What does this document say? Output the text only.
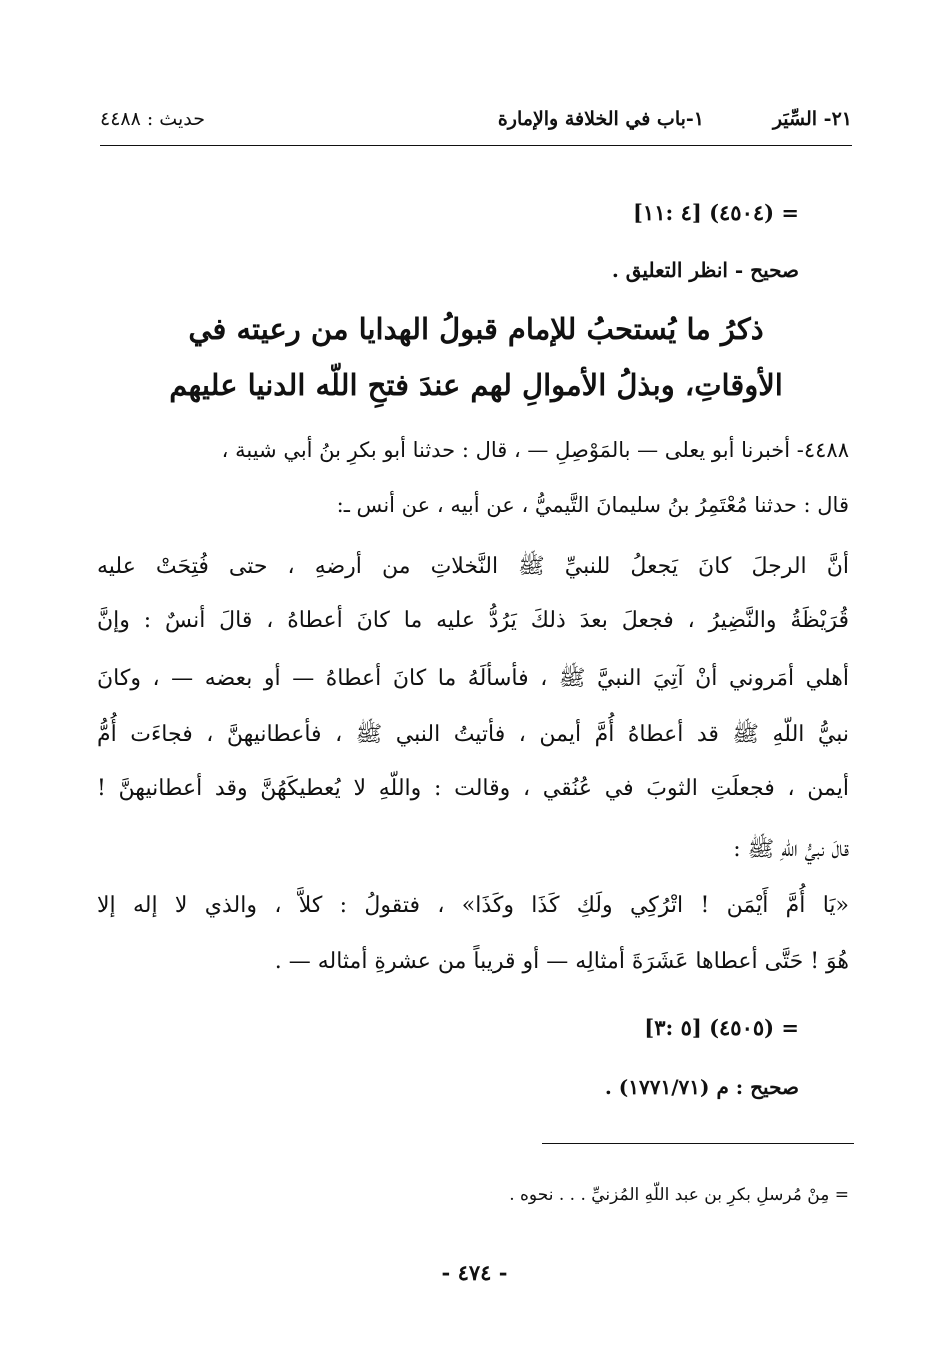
٢١- السِّيَر
١-باب في الخلافة والإمارة
حديث : ٤٤٨٨
= (٤٥٠٤) [٤ :١١]
صحيح - انظر التعليق .
ذكرُ ما يُستحبُ للإمام قبولُ الهدايا من رعيته في
الأوقاتِ، وبذلُ الأموالِ لهم عندَ فتحِ اللّه الدنيا عليهم
٤٤٨٨- أخبرنا أبو يعلى — بالمَوْصِلِ — ، قال : حدثنا أبو بكرِ بنُ أبي شيبة ،
قال : حدثنا مُعْتَمِرُ بنُ سليمانَ التَّيميُّ ، عن أبيه ، عن أنس ـ:
أنَّ الرجلَ كانَ يَجعلُ للنبيِّ ﷺ النَّخلاتِ من أرضهِ ، حتى فُتِحَتْ عليه
قُرَيْظَةُ والنَّضِيرُ ، فجعلَ بعدَ ذلكَ يَرُدُّ عليه ما كانَ أعطاهُ ، قالَ أنسٌ : وإنَّ
أهلي أمَروني أنْ آتِيَ النبيَّ ﷺ ، فأسألَهُ ما كانَ أعطاهُ — أو بعضه — ، وكانَ
نبيُّ اللّهِ ﷺ قد أعطاهُ أُمَّ أيمن ، فأتيتُ النبي ﷺ ، فأعطانيهنَّ ، فجاءَت أُمُّ
أيمن ، فجعلَتِ الثوبَ في عُنُقي ، وقالت : واللّهِ لا يُعطيكَهُنَّ وقد أعطانيهنَّ !
قالَ نبيُّ اللّهِ ﷺ :
«يَا أُمَّ أَيْمَن ! اتْرُكِي ولَكِ كَذَا وكَذَا» ، فتقولُ : كلاَّ ، والذي لا إله إلا
هُوَ ! حَتَّى أعطاها عَشَرَةَ أمثالِه — أو قريباً من عشرةِ أمثاله — .
= (٤٥٠٥) [٥ :٣]
صحيح : م (١٧٧١/٧١) .
= مِنْ مُرسلِ بكرِ بن عبد اللّهِ المُزنيِّ . . . نحوه .
- ٤٧٤ -
